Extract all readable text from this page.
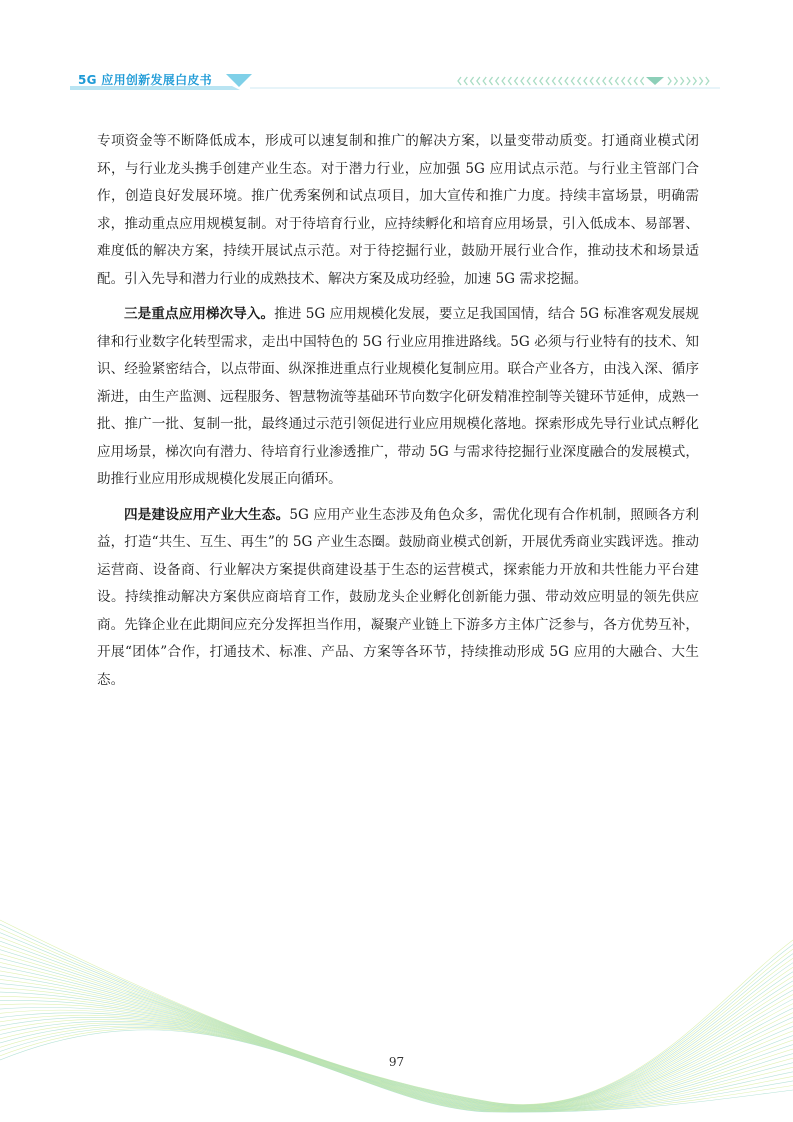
5G 应用创新发展白皮书

专项资金等不断降低成本，形成可以速复制和推广的解决方案，以量变带动质变。打通商业模式闭环，与行业龙头携手创建产业生态。对于潜力行业，应加强 5G 应用试点示范。与行业主管部门合作，创造良好发展环境。推广优秀案例和试点项目，加大宣传和推广力度。持续丰富场景，明确需求，推动重点应用规模复制。对于待培育行业，应持续孵化和培育应用场景，引入低成本、易部署、难度低的解决方案，持续开展试点示范。对于待挖掘行业，鼓励开展行业合作，推动技术和场景适配。引入先导和潜力行业的成熟技术、解决方案及成功经验，加速 5G 需求挖掘。

三是重点应用梯次导入。推进 5G 应用规模化发展，要立足我国国情，结合 5G 标准客观发展规律和行业数字化转型需求，走出中国特色的 5G 行业应用推进路线。5G 必须与行业特有的技术、知识、经验紧密结合，以点带面、纵深推进重点行业规模化复制应用。联合产业各方，由浅入深、循序渐进，由生产监测、远程服务、智慧物流等基础环节向数字化研发精准控制等关键环节延伸，成熟一批、推广一批、复制一批，最终通过示范引领促进行业应用规模化落地。探索形成先导行业试点孵化应用场景，梯次向有潜力、待培育行业渗透推广，带动 5G 与需求待挖掘行业深度融合的发展模式，助推行业应用形成规模化发展正向循环。

四是建设应用产业大生态。5G 应用产业生态涉及角色众多，需优化现有合作机制，照顾各方利益，打造“共生、互生、再生”的 5G 产业生态圈。鼓励商业模式创新，开展优秀商业实践评选。推动运营商、设备商、行业解决方案提供商建设基于生态的运营模式，探索能力开放和共性能力平台建设。持续推动解决方案供应商培育工作，鼓励龙头企业孵化创新能力强、带动效应明显的领先供应商。先锋企业在此期间应充分发挥担当作用，凝聚产业链上下游多方主体广泛参与，各方优势互补，开展“团体”合作，打通技术、标准、产品、方案等各环节，持续推动形成 5G 应用的大融合、大生态。

97
